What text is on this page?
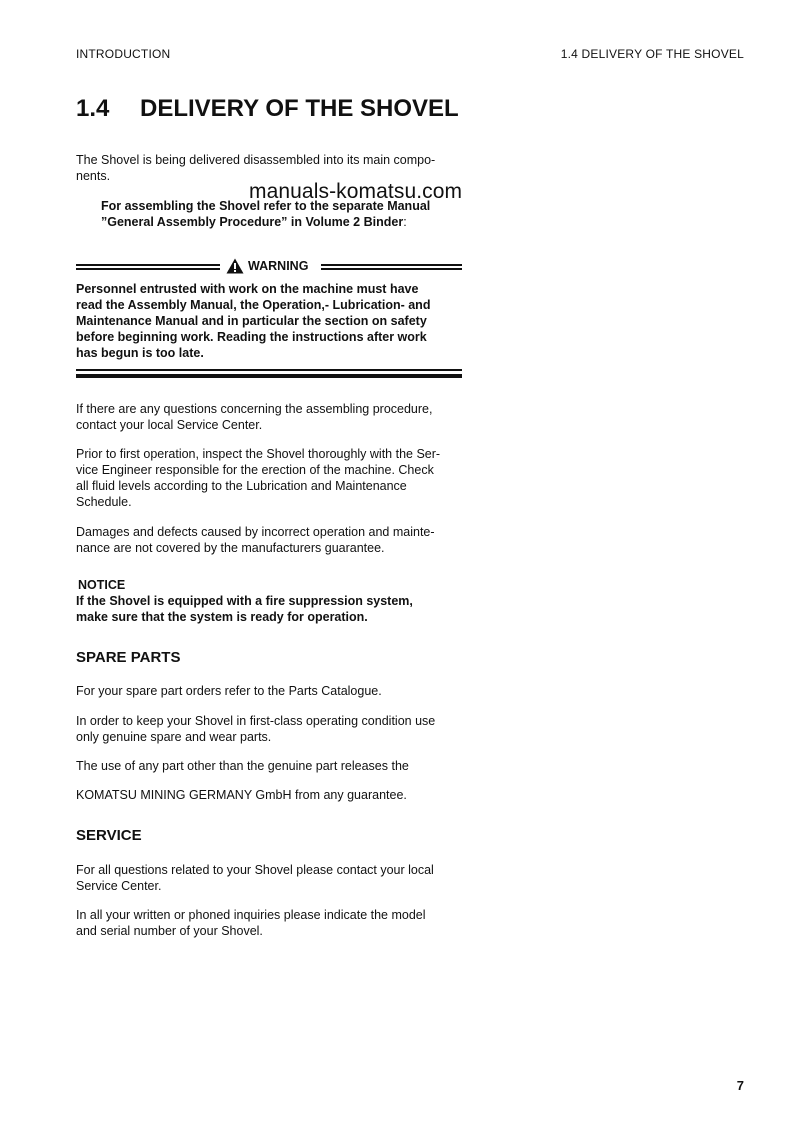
INTRODUCTION	1.4 DELIVERY OF THE SHOVEL
1.4 DELIVERY OF THE SHOVEL

The Shovel is being delivered disassembled into its main compo-

nents.

For assembling the Shovel refer to the separate Manual

”General Assembly Procedure” in Volume 2 Binder:

manuals-komatsu.com
WARNING

Personnel entrusted with work on the machine must have

read the Assembly Manual, the Operation,- Lubrication- and

Maintenance Manual and in particular the section on safety

before beginning work. Reading the instructions after work

has begun is too late.

If there are any questions concerning the assembling procedure,

contact your local Service Center.

Prior to first operation, inspect the Shovel thoroughly with the Ser-

vice Engineer responsible for the erection of the machine. Check

all fluid levels according to the Lubrication and Maintenance

Schedule.

Damages and defects caused by incorrect operation and mainte-

nance are not covered by the manufacturers guarantee.

NOTICE

If the Shovel is equipped with a fire suppression system,

make sure that the system is ready for operation.

SPARE PARTS
For your spare part orders refer to the Parts Catalogue.

In order to keep your Shovel in first-class operating condition use

only genuine spare and wear parts.

The use of any part other than the genuine part releases the
KOMATSU MINING GERMANY GmbH from any guarantee.
SERVICE

For all questions related to your Shovel please contact your local

Service Center.

In all your written or phoned inquiries please indicate the model

and serial number of your Shovel.

7
